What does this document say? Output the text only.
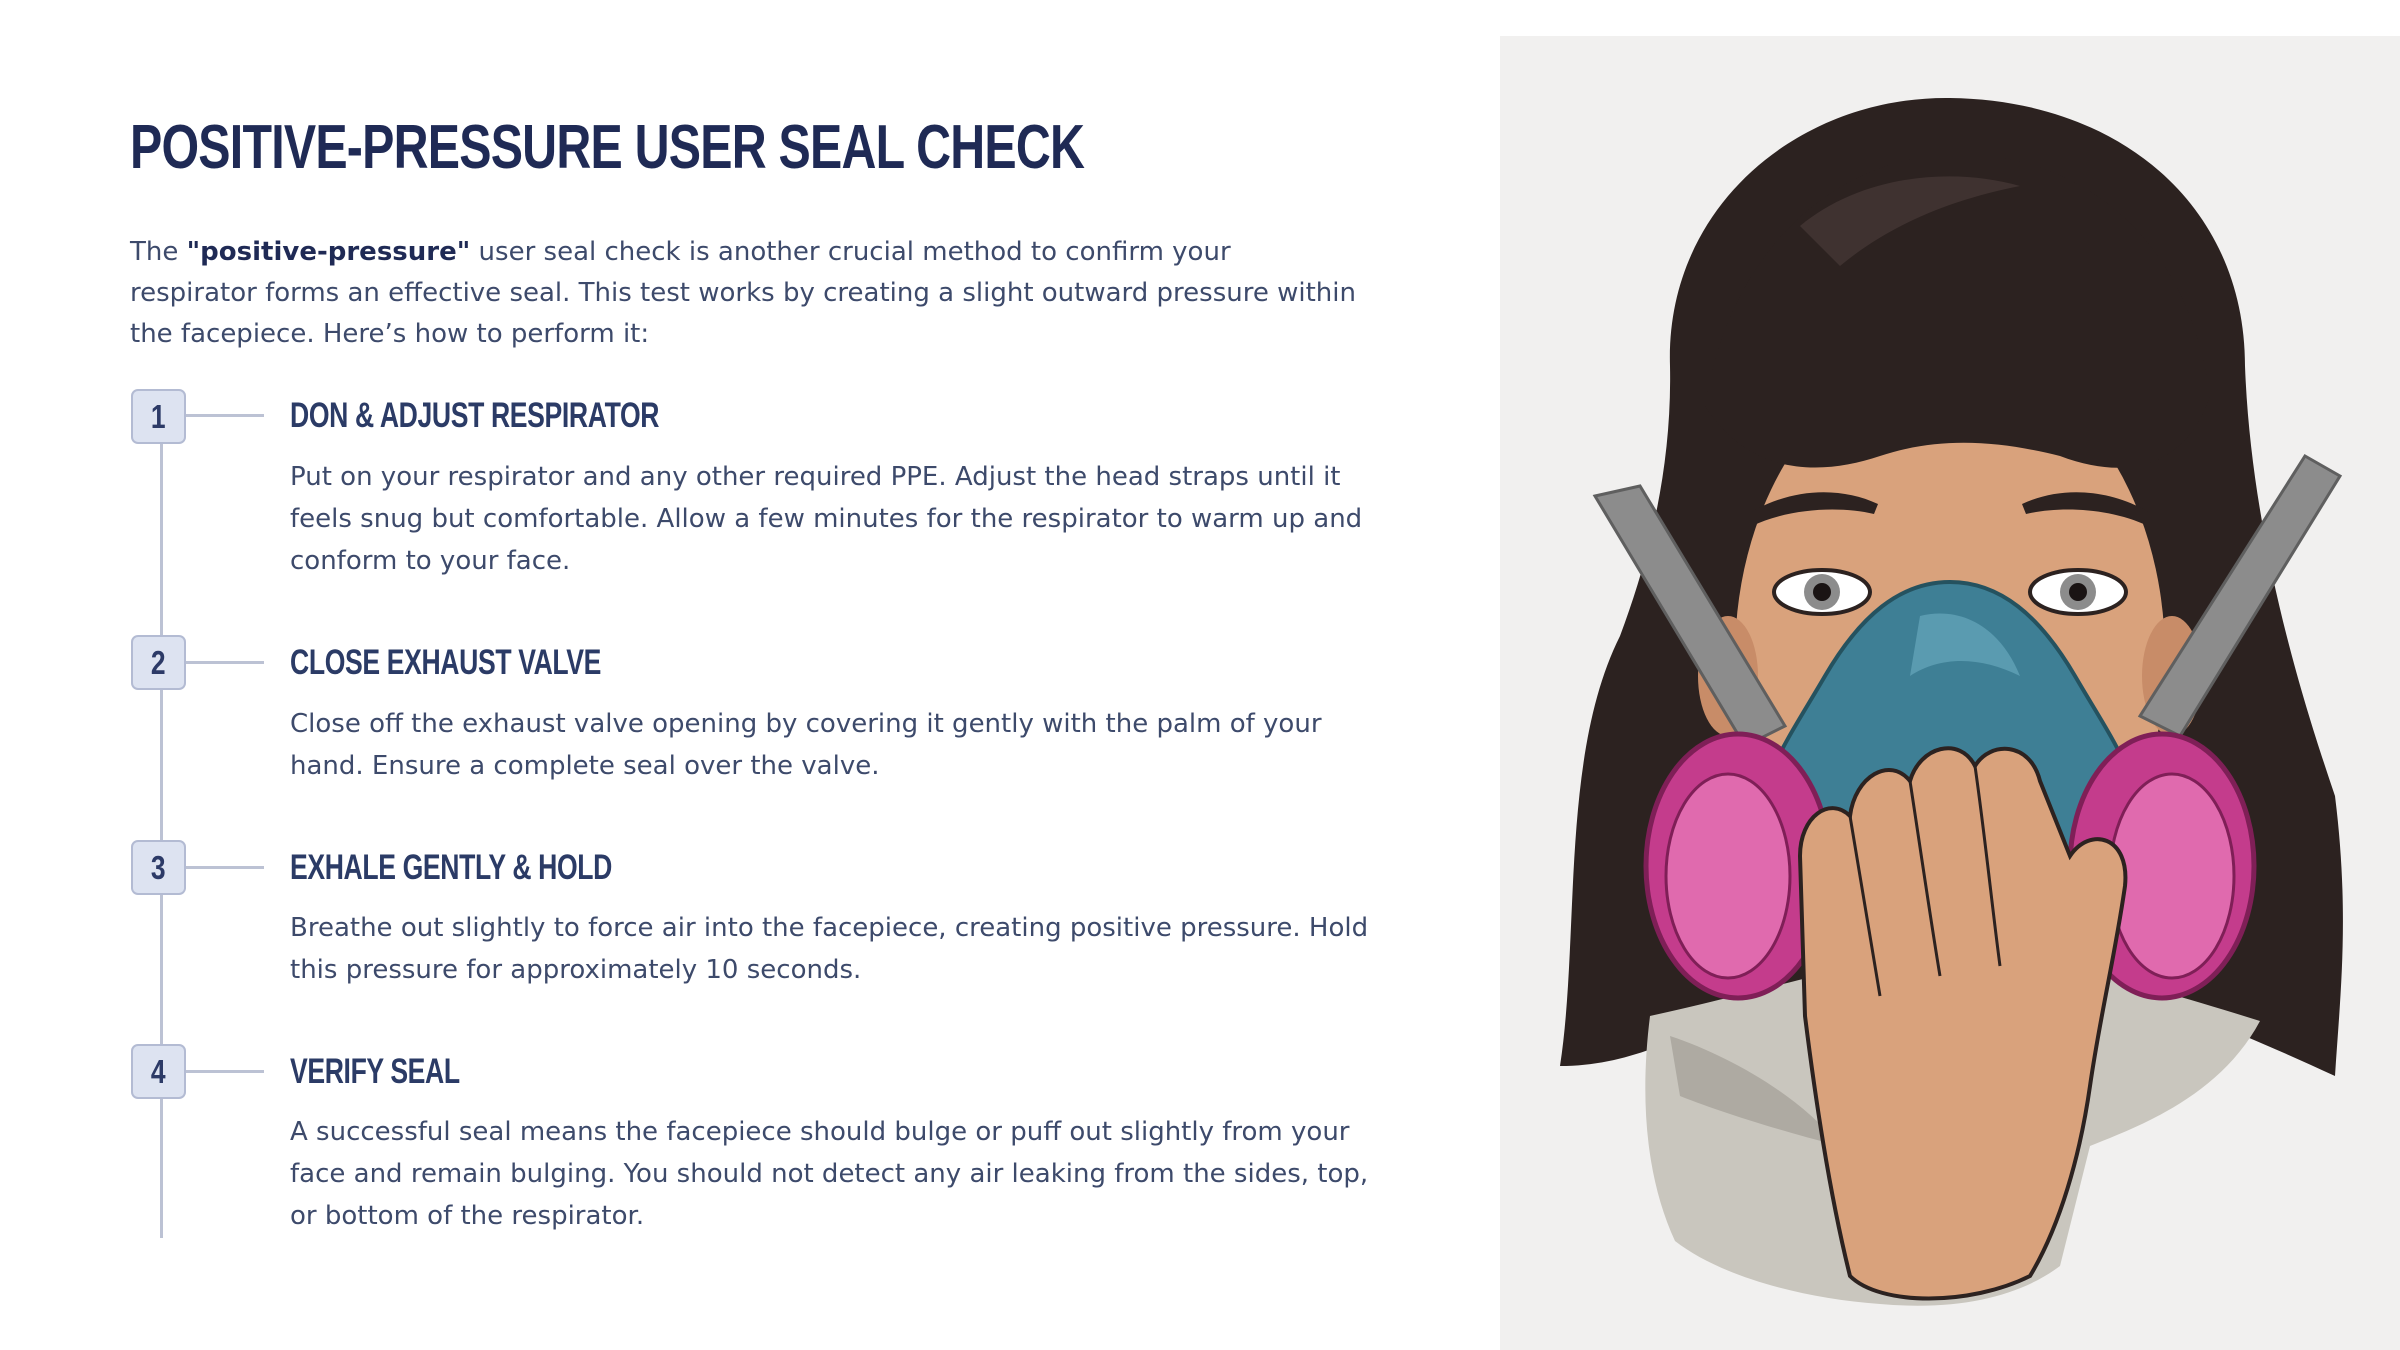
POSITIVE-PRESSURE USER SEAL CHECK

The "positive-pressure" user seal check is another crucial method to confirm your respirator forms an effective seal. This test works by creating a slight outward pressure within the facepiece. Here’s how to perform it:

1	DON & ADJUST RESPIRATOR

Put on your respirator and any other required PPE. Adjust the head straps until it feels snug but comfortable. Allow a few minutes for the respirator to warm up and conform to your face.

2	CLOSE EXHAUST VALVE

Close off the exhaust valve opening by covering it gently with the palm of your hand. Ensure a complete seal over the valve.

3	EXHALE GENTLY & HOLD

Breathe out slightly to force air into the facepiece, creating positive pressure. Hold this pressure for approximately 10 seconds.

4	VERIFY SEAL

A successful seal means the facepiece should bulge or puff out slightly from your face and remain bulging. You should not detect any air leaking from the sides, top, or bottom of the respirator.
